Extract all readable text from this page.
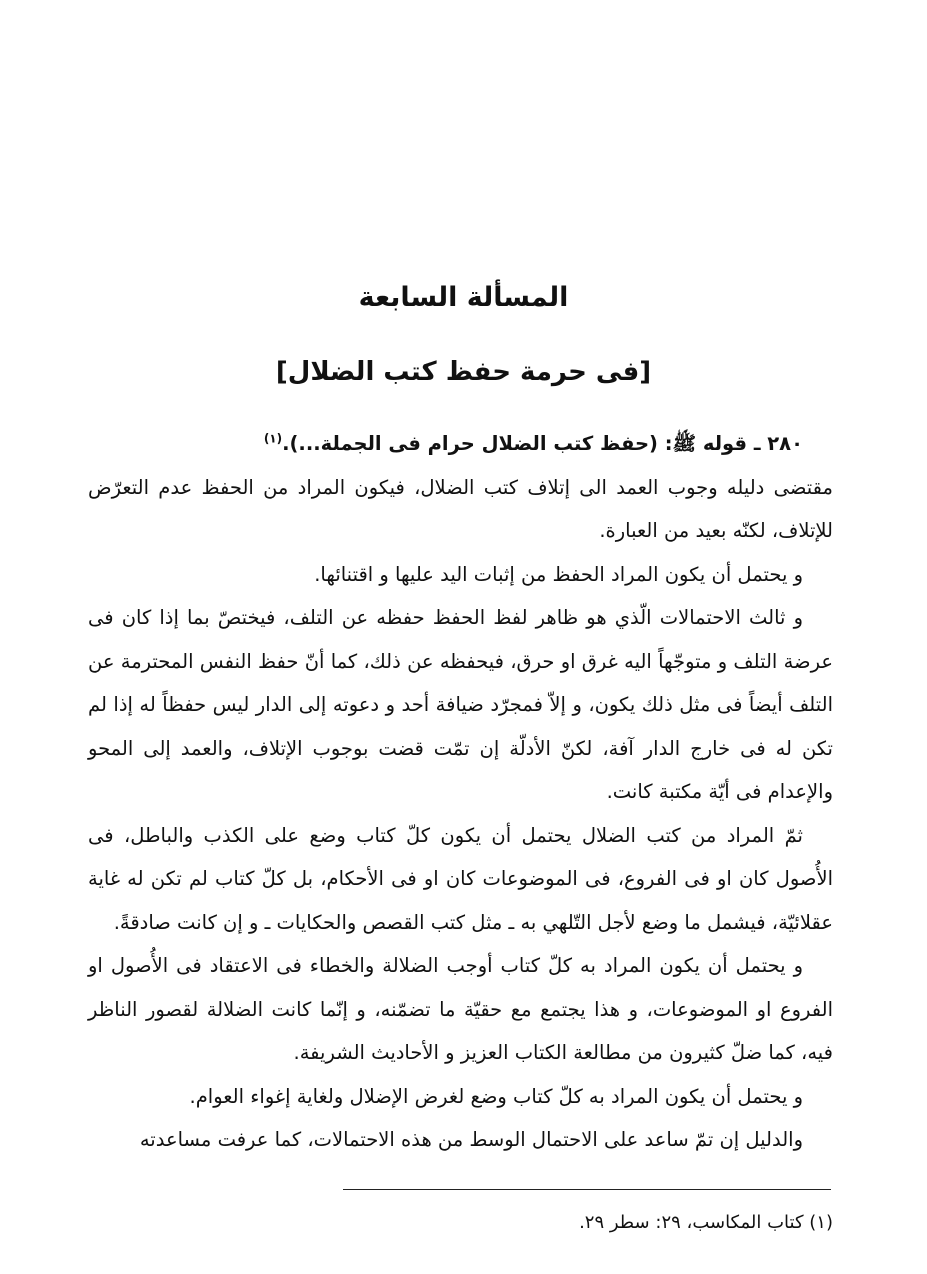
المسألة السابعة
[فى حرمة حفظ كتب الضلال]

٢٨٠ ـ قوله ﷺ: (حفظ كتب الضلال حرام فى الجملة...).$^{(١)}$

مقتضى دليله وجوب العمد الى إتلاف كتب الضلال، فيكون المراد من الحفظ عدم التعرّض للإتلاف، لكنّه بعيد من العبارة.

و يحتمل أن يكون المراد الحفظ من إثبات اليد عليها و اقتنائها.

و ثالث الاحتمالات الّذي هو ظاهر لفظ الحفظ حفظه عن التلف، فيختصّ بما إذا كان فى عرضة التلف و متوجّهاً اليه غرق او حرق، فيحفظه عن ذلك، كما أنّ حفظ النفس المحترمة عن التلف أيضاً فى مثل ذلك يكون، و إلاّ فمجرّد ضيافة أحد و دعوته إلى الدار ليس حفظاً له إذا لم تكن له فى خارج الدار آفة، لكنّ الأدلّة إن تمّت قضت بوجوب الإتلاف، والعمد إلى المحو والإعدام فى أيّة مكتبة كانت.

ثمّ المراد من كتب الضلال يحتمل أن يكون كلّ كتاب وضع على الكذب والباطل، فى الأُصول كان او فى الفروع، فى الموضوعات كان او فى الأحكام، بل كلّ كتاب لم تكن له غاية عقلائيّة، فيشمل ما وضع لأجل التّلهي به ـ مثل كتب القصص والحكايات ـ و إن كانت صادقةً.

و يحتمل أن يكون المراد به كلّ كتاب أوجب الضلالة والخطاء فى الاعتقاد فى الأُصول او الفروع او الموضوعات، و هذا يجتمع مع حقيّة ما تضمّنه، و إنّما كانت الضلالة لقصور الناظر فيه، كما ضلّ كثيرون من مطالعة الكتاب العزيز و الأحاديث الشريفة.

و يحتمل أن يكون المراد به كلّ كتاب وضع لغرض الإضلال ولغاية إغواء العوام.

والدليل إن تمّ ساعد على الاحتمال الوسط من هذه الاحتمالات، كما عرفت مساعدته

(١) كتاب المكاسب، ٢٩: سطر ٢٩.
